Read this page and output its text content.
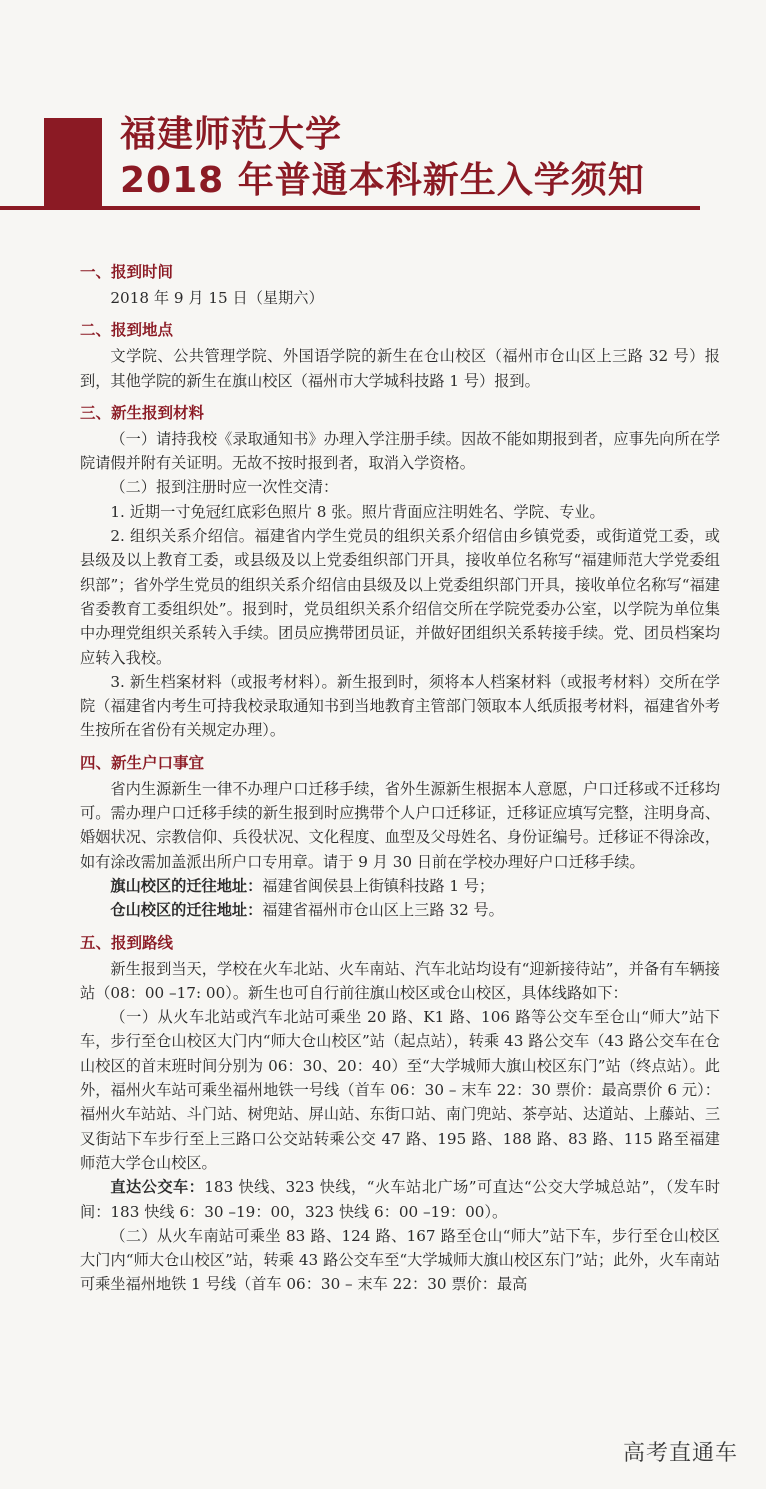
福建师范大学
2018 年普通本科新生入学须知
一、报到时间

2018 年 9 月 15 日（星期六）

二、报到地点

文学院、公共管理学院、外国语学院的新生在仓山校区（福州市仓山区上三路 32 号）报到，其他学院的新生在旗山校区（福州市大学城科技路 1 号）报到。

三、新生报到材料

（一）请持我校《录取通知书》办理入学注册手续。因故不能如期报到者，应事先向所在学院请假并附有关证明。无故不按时报到者，取消入学资格。

（二）报到注册时应一次性交清：

1. 近期一寸免冠红底彩色照片 8 张。照片背面应注明姓名、学院、专业。

2. 组织关系介绍信。福建省内学生党员的组织关系介绍信由乡镇党委，或街道党工委，或县级及以上教育工委，或县级及以上党委组织部门开具，接收单位名称写“福建师范大学党委组织部”；省外学生党员的组织关系介绍信由县级及以上党委组织部门开具，接收单位名称写“福建省委教育工委组织处”。报到时，党员组织关系介绍信交所在学院党委办公室，以学院为单位集中办理党组织关系转入手续。团员应携带团员证，并做好团组织关系转接手续。党、团员档案均应转入我校。

3. 新生档案材料（或报考材料）。新生报到时，须将本人档案材料（或报考材料）交所在学院（福建省内考生可持我校录取通知书到当地教育主管部门领取本人纸质报考材料，福建省外考生按所在省份有关规定办理）。

四、新生户口事宜

省内生源新生一律不办理户口迁移手续，省外生源新生根据本人意愿，户口迁移或不迁移均可。需办理户口迁移手续的新生报到时应携带个人户口迁移证，迁移证应填写完整，注明身高、婚姻状况、宗教信仰、兵役状况、文化程度、血型及父母姓名、身份证编号。迁移证不得涂改，如有涂改需加盖派出所户口专用章。请于 9 月 30 日前在学校办理好户口迁移手续。

旗山校区的迁往地址：福建省闽侯县上街镇科技路 1 号；

仓山校区的迁往地址：福建省福州市仓山区上三路 32 号。

五、报到路线

新生报到当天，学校在火车北站、火车南站、汽车北站均设有“迎新接待站”，并备有车辆接站（08：00 –17: 00）。新生也可自行前往旗山校区或仓山校区，具体线路如下：

（一）从火车北站或汽车北站可乘坐 20 路、K1 路、106 路等公交车至仓山“师大”站下车，步行至仓山校区大门内“师大仓山校区”站（起点站），转乘 43 路公交车（43 路公交车在仓山校区的首末班时间分别为 06：30、20：40）至“大学城师大旗山校区东门”站（终点站）。此外，福州火车站可乘坐福州地铁一号线（首车 06：30 – 末车 22：30 票价：最高票价 6 元）：福州火车站站、斗门站、树兜站、屏山站、东街口站、南门兜站、茶亭站、达道站、上藤站、三叉街站下车步行至上三路口公交站转乘公交 47 路、195 路、188 路、83 路、115 路至福建师范大学仓山校区。

直达公交车：183 快线、323 快线，“火车站北广场”可直达“公交大学城总站”，（发车时间：183 快线 6：30 –19：00，323 快线 6：00 –19：00）。

（二）从火车南站可乘坐 83 路、124 路、167 路至仓山“师大”站下车，步行至仓山校区大门内“师大仓山校区”站，转乘 43 路公交车至“大学城师大旗山校区东门”站；此外，火车南站可乘坐福州地铁 1 号线（首车 06：30 – 末车 22：30 票价：最高

高考直通车
